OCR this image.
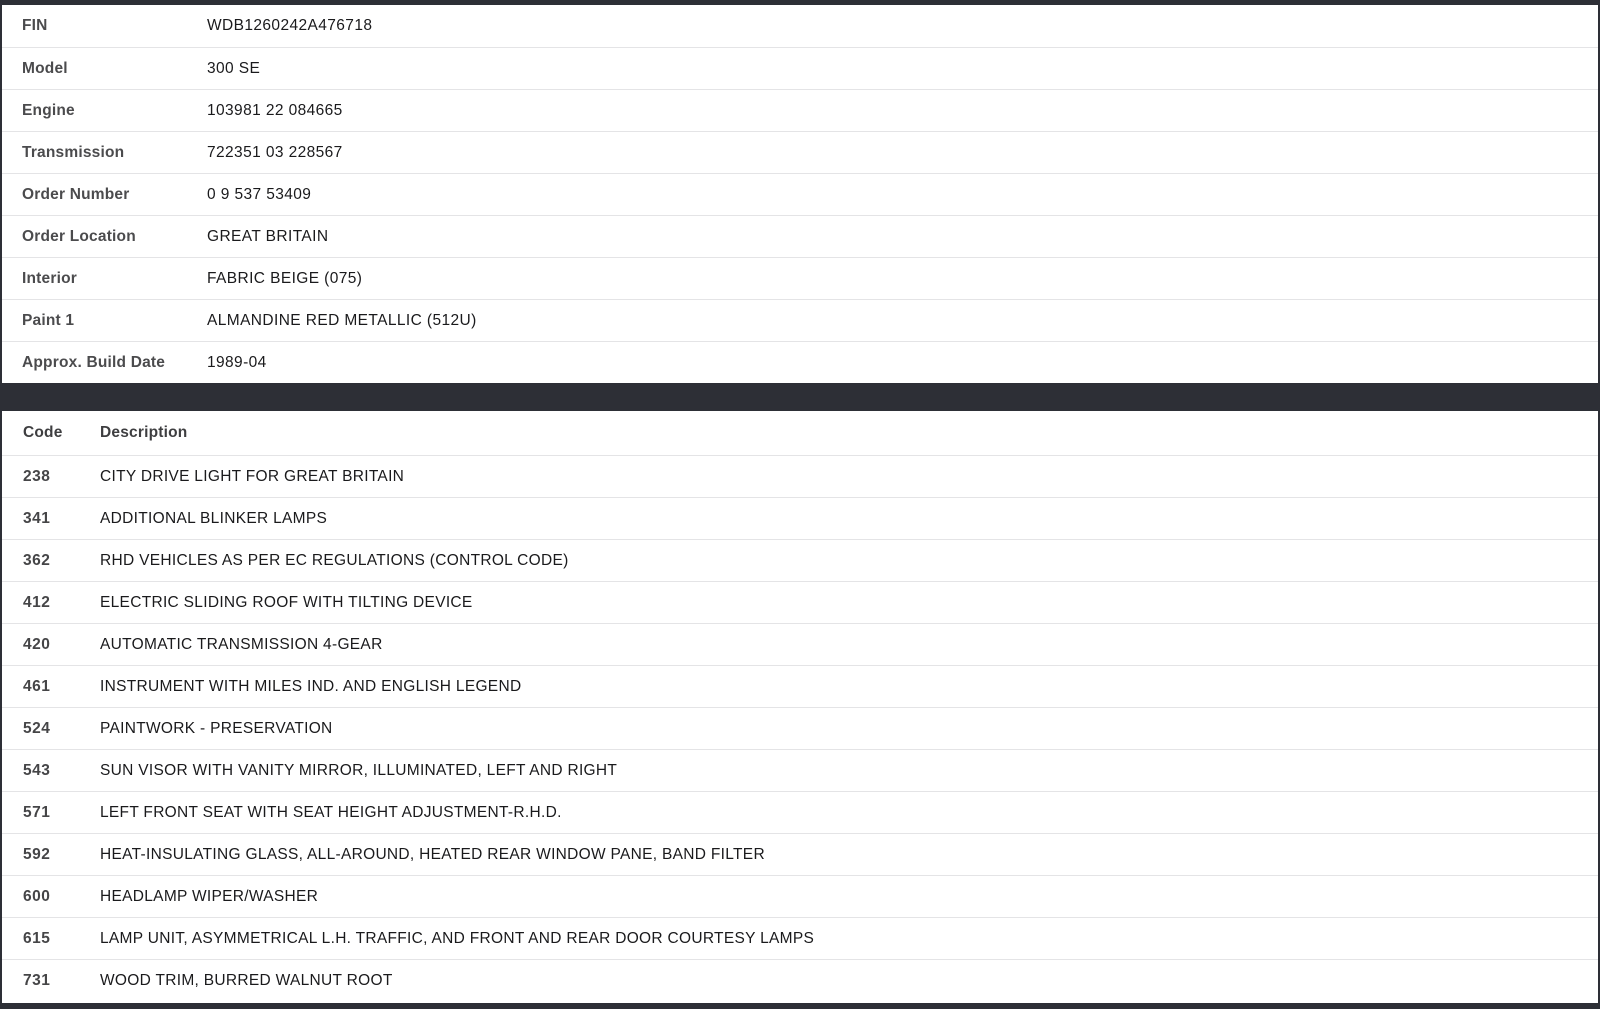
FIN	WDB1260242A476718
Model	300 SE
Engine	103981 22 084665
Transmission	722351 03 228567
Order Number	0 9 537 53409
Order Location	GREAT BRITAIN
Interior	FABRIC BEIGE (075)
Paint 1	ALMANDINE RED METALLIC (512U)
Approx. Build Date	1989-04
Code	Description
238	CITY DRIVE LIGHT FOR GREAT BRITAIN
341	ADDITIONAL BLINKER LAMPS
362	RHD VEHICLES AS PER EC REGULATIONS (CONTROL CODE)
412	ELECTRIC SLIDING ROOF WITH TILTING DEVICE
420	AUTOMATIC TRANSMISSION 4-GEAR
461	INSTRUMENT WITH MILES IND. AND ENGLISH LEGEND
524	PAINTWORK - PRESERVATION
543	SUN VISOR WITH VANITY MIRROR, ILLUMINATED, LEFT AND RIGHT
571	LEFT FRONT SEAT WITH SEAT HEIGHT ADJUSTMENT-R.H.D.
592	HEAT-INSULATING GLASS, ALL-AROUND, HEATED REAR WINDOW PANE, BAND FILTER
600	HEADLAMP WIPER/WASHER
615	LAMP UNIT, ASYMMETRICAL L.H. TRAFFIC, AND FRONT AND REAR DOOR COURTESY LAMPS
731	WOOD TRIM, BURRED WALNUT ROOT
